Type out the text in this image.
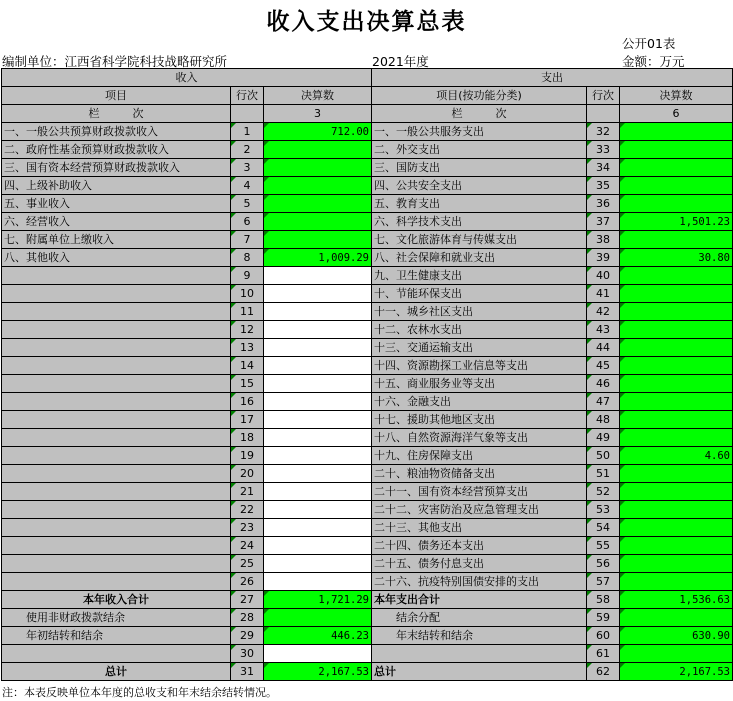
收入支出决算总表
公开01表
编制单位：江西省科学院科技战略研究所	2021年度	金额：万元
收入			支出		
项目	行次	决算数	项目(按功能分类)	行次	决算数
栏　　　次		3	栏　　　次		6
一、一般公共预算财政拨款收入	1	712.00	一、一般公共服务支出	32	
二、政府性基金预算财政拨款收入	2		二、外交支出	33	
三、国有资本经营预算财政拨款收入	3		三、国防支出	34	
四、上级补助收入	4		四、公共安全支出	35	
五、事业收入	5		五、教育支出	36	
六、经营收入	6		六、科学技术支出	37	1,501.23
七、附属单位上缴收入	7		七、文化旅游体育与传媒支出	38	
八、其他收入	8	1,009.29	八、社会保障和就业支出	39	30.80
	9		九、卫生健康支出	40	
	10		十、节能环保支出	41	
	11		十一、城乡社区支出	42	
	12		十二、农林水支出	43	
	13		十三、交通运输支出	44	
	14		十四、资源勘探工业信息等支出	45	
	15		十五、商业服务业等支出	46	
	16		十六、金融支出	47	
	17		十七、援助其他地区支出	48	
	18		十八、自然资源海洋气象等支出	49	
	19		十九、住房保障支出	50	4.60
	20		二十、粮油物资储备支出	51	
	21		二十一、国有资本经营预算支出	52	
	22		二十二、灾害防治及应急管理支出	53	
	23		二十三、其他支出	54	
	24		二十四、债务还本支出	55	
	25		二十五、债务付息支出	56	
	26		二十六、抗疫特别国债安排的支出	57	
本年收入合计	27	1,721.29	本年支出合计	58	1,536.63
使用非财政拨款结余	28		结余分配	59	
年初结转和结余	29	446.23	年末结转和结余	60	630.90
	30			61	
总计	31	2,167.53	总计	62	2,167.53
注：本表反映单位本年度的总收支和年末结余结转情况。
